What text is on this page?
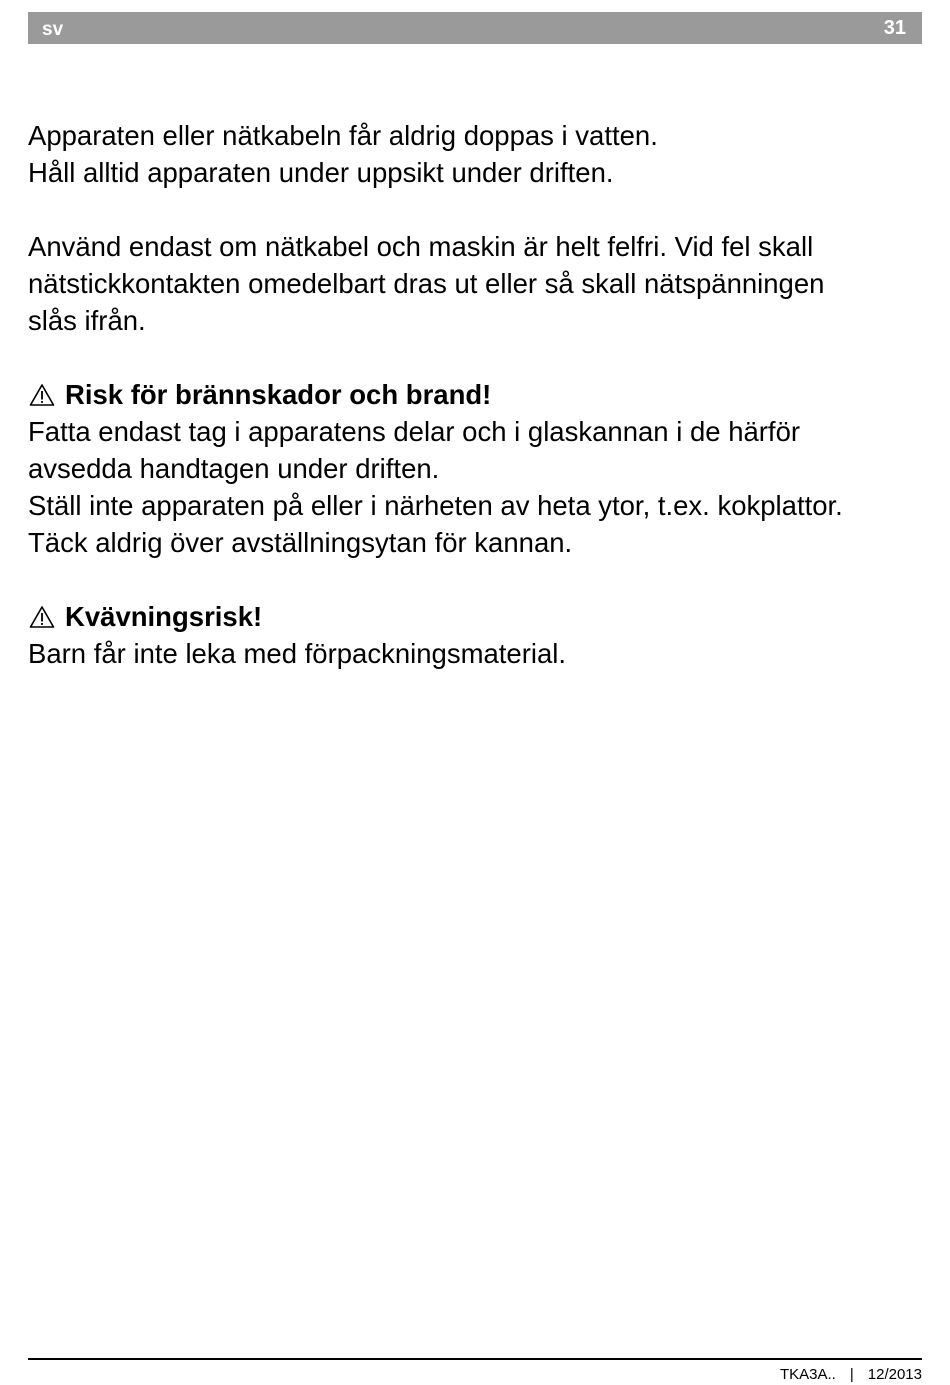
sv	31

Apparaten eller nätkabeln får aldrig doppas i vatten.

Håll alltid apparaten under uppsikt under driften.

Använd endast om nätkabel och maskin är helt felfri. Vid fel skall

nätstickkontakten omedelbart dras ut eller så skall nätspänningen

slås ifrån.

Risk för brännskador och brand!

Fatta endast tag i apparatens delar och i glaskannan i de härför

avsedda handtagen under driften.

Ställ inte apparaten på eller i närheten av heta ytor, t.ex. kokplattor.

Täck aldrig över avställningsytan för kannan.

Kvävningsrisk!

Barn får inte leka med förpackningsmaterial.

TKA3A.. | 12/2013
